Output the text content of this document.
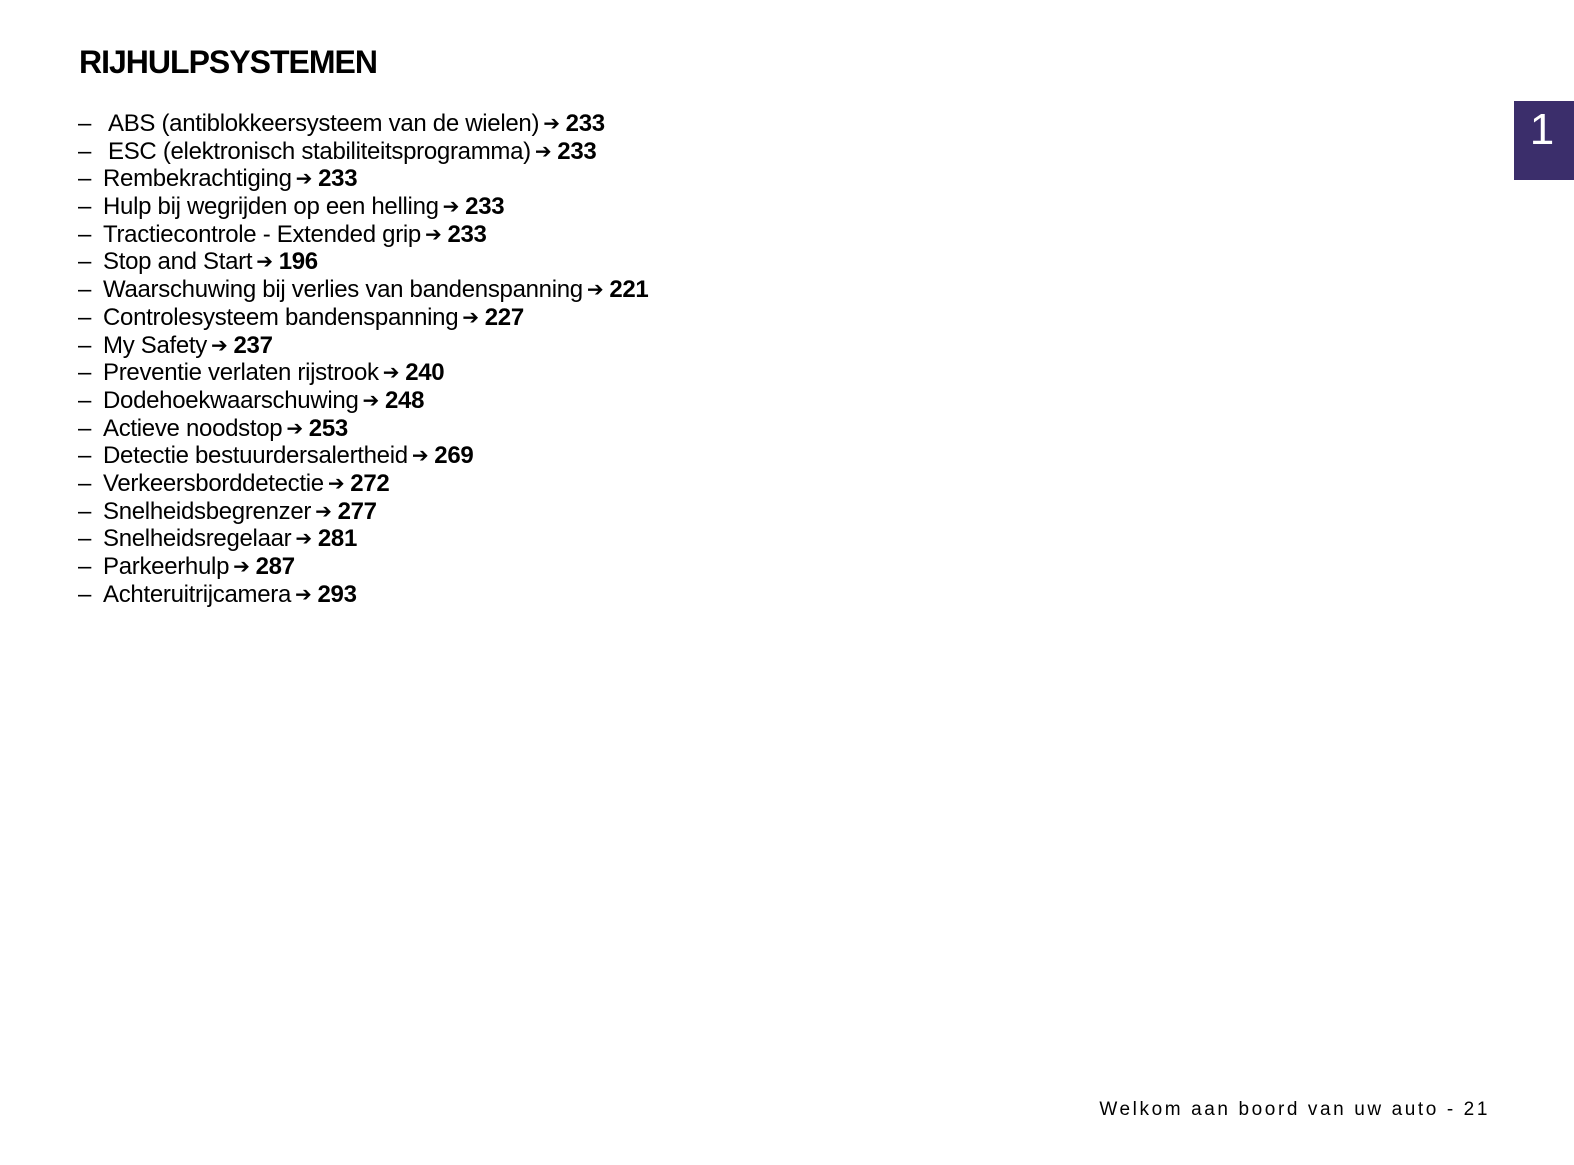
RIJHULPSYSTEMEN
– ABS (antiblokkeersysteem van de wielen) ➔ 233
– ESC (elektronisch stabiliteitsprogramma) ➔ 233
– Rembekrachtiging ➔ 233
– Hulp bij wegrijden op een helling ➔ 233
– Tractiecontrole - Extended grip ➔ 233
– Stop and Start ➔ 196
– Waarschuwing bij verlies van bandenspanning ➔ 221
– Controlesysteem bandenspanning ➔ 227
– My Safety ➔ 237
– Preventie verlaten rijstrook ➔ 240
– Dodehoekwaarschuwing ➔ 248
– Actieve noodstop ➔ 253
– Detectie bestuurdersalertheid ➔ 269
– Verkeersborddetectie ➔ 272
– Snelheidsbegrenzer ➔ 277
– Snelheidsregelaar ➔ 281
– Parkeerhulp ➔ 287
– Achteruitrijcamera ➔ 293
1
Welkom aan boord van uw auto - 21
